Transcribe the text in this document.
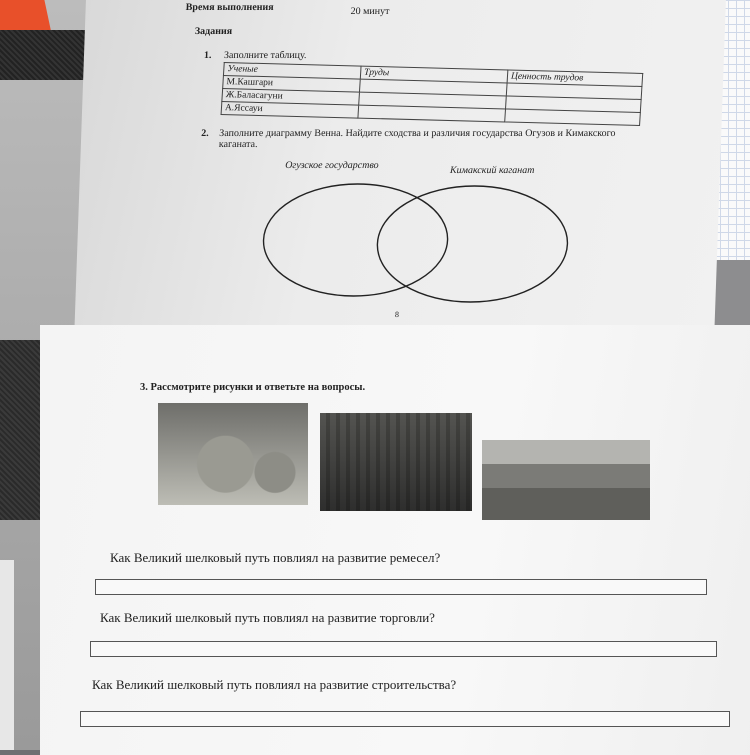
Время выполнения	20 минут
Задания
1. Заполните таблицу.
Ученые	Труды	Ценность трудов
М.Кашгари		
Ж.Баласагуни		
А.Яссауи		
2. Заполните диаграмму Венна. Найдите сходства и различия государства Огузов и Кимакского каганата.
Огузское государство	Кимакский каганат
8
3. Рассмотрите рисунки и ответьте на вопросы.
Как Великий шелковый путь повлиял на развитие ремесел?
Как Великий шелковый путь повлиял на развитие торговли?
Как Великий шелковый путь повлиял на развитие строительства?
